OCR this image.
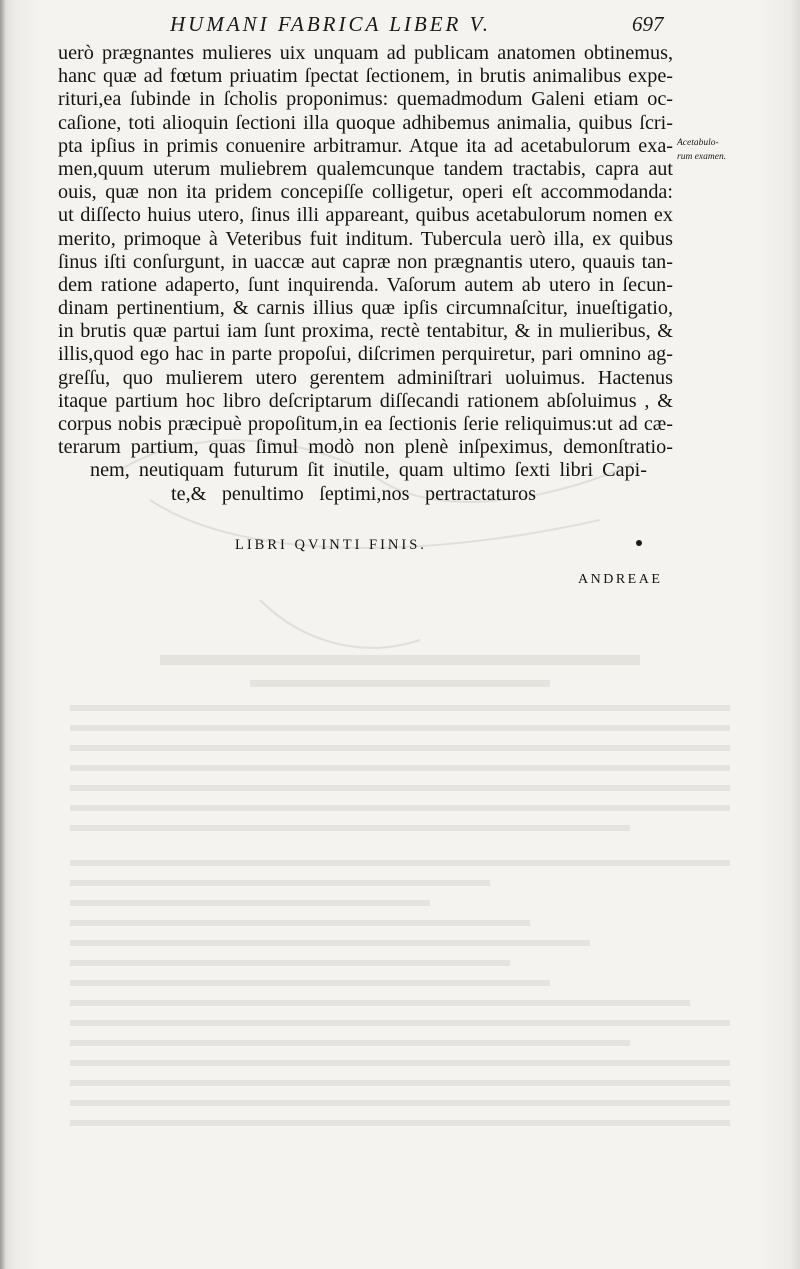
HUMANI FABRICA LIBER V.	697
uerò prægnantes mulieres uix unquam ad publicam anatomen obtinemus,
hanc quæ ad fœtum priuatim ſpectat ſectionem, in brutis animalibus expe-
rituri,ea ſubinde in ſcholis proponimus: quemadmodum Galeni etiam oc-
caſione, toti alioquin ſectioni illa quoque adhibemus animalia, quibus ſcri-
pta ipſius in primis conuenire arbitramur. Atque ita ad acetabulorum exa-
men,quum uterum muliebrem qualemcunque tandem tractabis, capra aut
ouis, quæ non ita pridem concepiſſe colligetur, operi eſt accommodanda:
ut diſſecto huius utero, ſinus illi appareant, quibus acetabulorum nomen ex
merito, primoque à Veteribus fuit inditum. Tubercula uerò illa, ex quibus
ſinus iſti conſurgunt, in uaccæ aut capræ non prægnantis utero, quauis tan-
dem ratione adaperto, ſunt inquirenda. Vaſorum autem ab utero in ſecun-
dinam pertinentium, & carnis illius quæ ipſis circumnaſcitur, inueſtigatio,
in brutis quæ partui iam ſunt proxima, rectè tentabitur, & in mulieribus, &
illis,quod ego hac in parte propoſui, diſcrimen perquiretur, pari omnino ag-
greſſu, quo mulierem utero gerentem adminiſtrari uoluimus. Hactenus
itaque partium hoc libro deſcriptarum diſſecandi rationem abſoluimus , &
corpus nobis præcipuè propoſitum,in ea ſectionis ſerie reliquimus:ut ad cæ-
terarum partium, quas ſimul modò non plenè inſpeximus, demonſtratio-
nem, neutiquam futurum ſit inutile, quam ultimo ſexti libri Capi-
te,& penultimo ſeptimi,nos pertractaturos
Acetabulo-
rum examen.
LIBRI QVINTI FINIS.
ANDREAE
